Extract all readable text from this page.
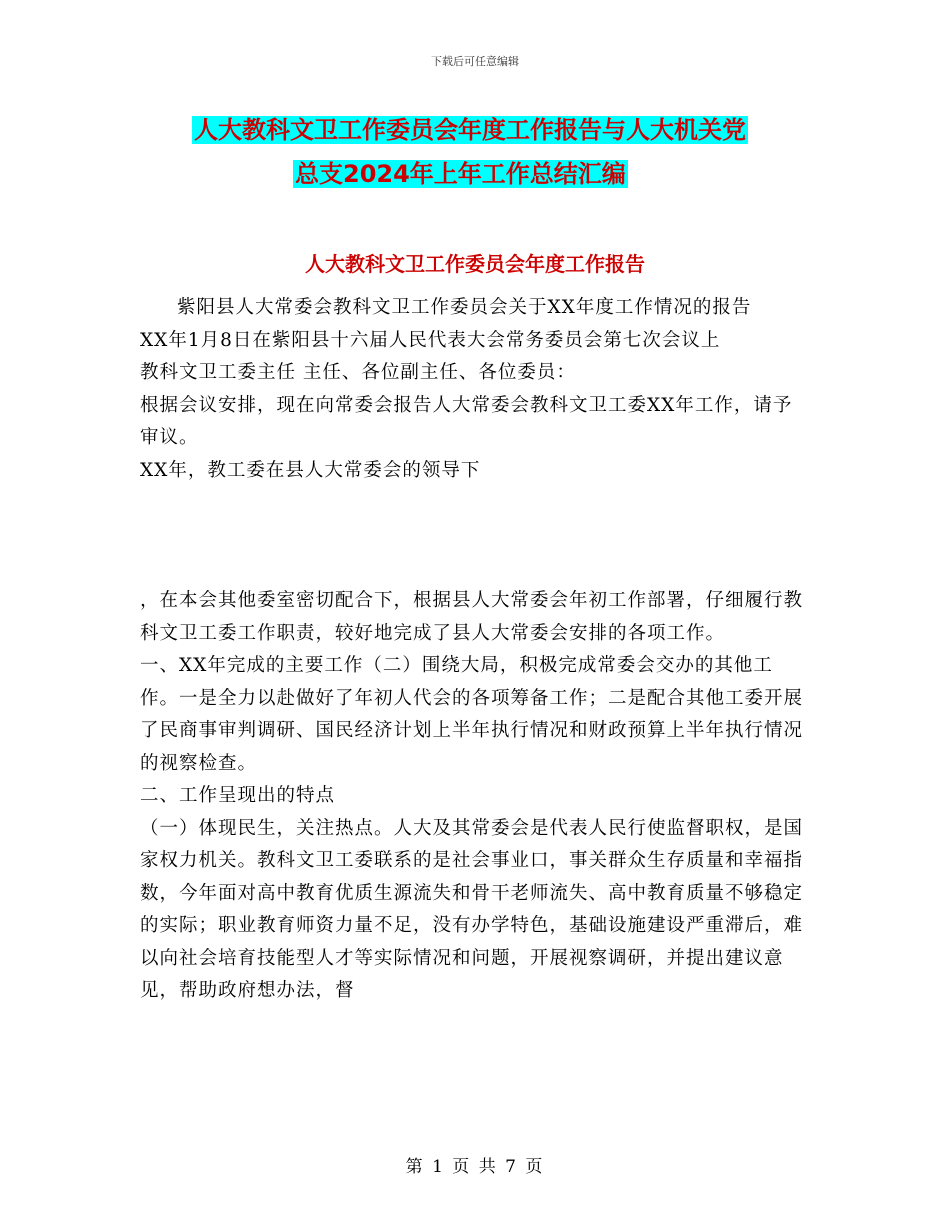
下载后可任意编辑
人大教科文卫工作委员会年度工作报告与人大机关党
总支2024年上年工作总结汇编
人大教科文卫工作委员会年度工作报告

紫阳县人大常委会教科文卫工作委员会关于XX年度工作情况的报告

XX年1月8日在紫阳县十六届人民代表大会常务委员会第七次会议上

教科文卫工委主任 主任、各位副主任、各位委员：

根据会议安排，现在向常委会报告人大常委会教科文卫工委XX年工作，请予审议。

XX年，教工委在县人大常委会的领导下

，在本会其他委室密切配合下，根据县人大常委会年初工作部署，仔细履行教科文卫工委工作职责，较好地完成了县人大常委会安排的各项工作。

一、XX年完成的主要工作（二）围绕大局，积极完成常委会交办的其他工作。一是全力以赴做好了年初人代会的各项筹备工作；二是配合其他工委开展了民商事审判调研、国民经济计划上半年执行情况和财政预算上半年执行情况的视察检查。

二、工作呈现出的特点

（一）体现民生，关注热点。人大及其常委会是代表人民行使监督职权，是国家权力机关。教科文卫工委联系的是社会事业口，事关群众生存质量和幸福指数，今年面对高中教育优质生源流失和骨干老师流失、高中教育质量不够稳定的实际；职业教育师资力量不足，没有办学特色，基础设施建设严重滞后，难以向社会培育技能型人才等实际情况和问题，开展视察调研，并提出建议意见，帮助政府想办法，督

第 1 页 共 7 页
